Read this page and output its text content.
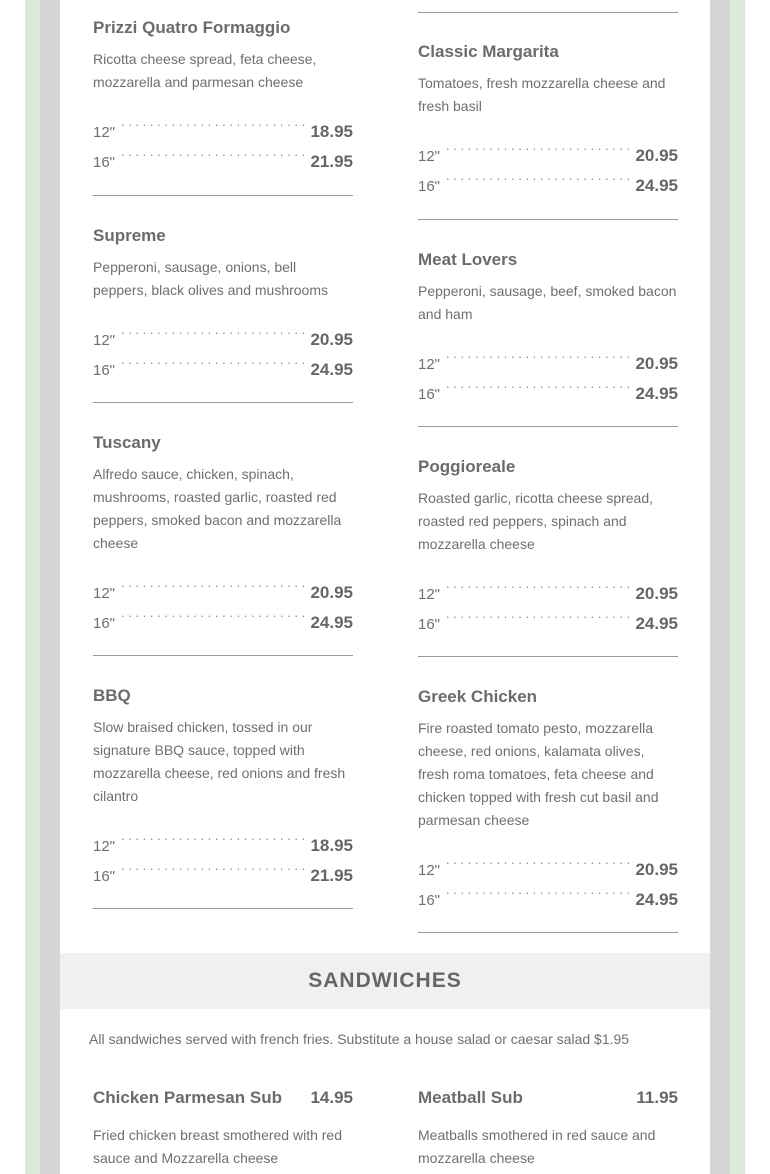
Prizzi Quatro Formaggio
Ricotta cheese spread, feta cheese, mozzarella and parmesan cheese
12" . . .	18.95
16" . . .	21.95
Supreme
Pepperoni, sausage, onions, bell peppers, black olives and mushrooms
12" . . .	20.95
16" . . .	24.95
Tuscany
Alfredo sauce, chicken, spinach, mushrooms, roasted garlic, roasted red peppers, smoked bacon and mozzarella cheese
12" . . .	20.95
16" . . .	24.95
BBQ
Slow braised chicken, tossed in our signature BBQ sauce, topped with mozzarella cheese, red onions and fresh cilantro
12" . . .	18.95
16" . . .	21.95
Classic Margarita
Tomatoes, fresh mozzarella cheese and fresh basil
12" . . .	20.95
16" . . .	24.95
Meat Lovers
Pepperoni, sausage, beef, smoked bacon and ham
12" . . .	20.95
16" . . .	24.95
Poggioreale
Roasted garlic, ricotta cheese spread, roasted red peppers, spinach and mozzarella cheese
12" . . .	20.95
16" . . .	24.95
Greek Chicken
Fire roasted tomato pesto, mozzarella cheese, red onions, kalamata olives, fresh roma tomatoes, feta cheese and chicken topped with fresh cut basil and parmesan cheese
12" . . .	20.95
16" . . .	24.95
SANDWICHES
All sandwiches served with french fries. Substitute a house salad or caesar salad $1.95
Chicken Parmesan Sub 14.95
Fried chicken breast smothered with red sauce and Mozzarella cheese
Meatball Sub	11.95
Meatballs smothered in red sauce and mozzarella cheese
